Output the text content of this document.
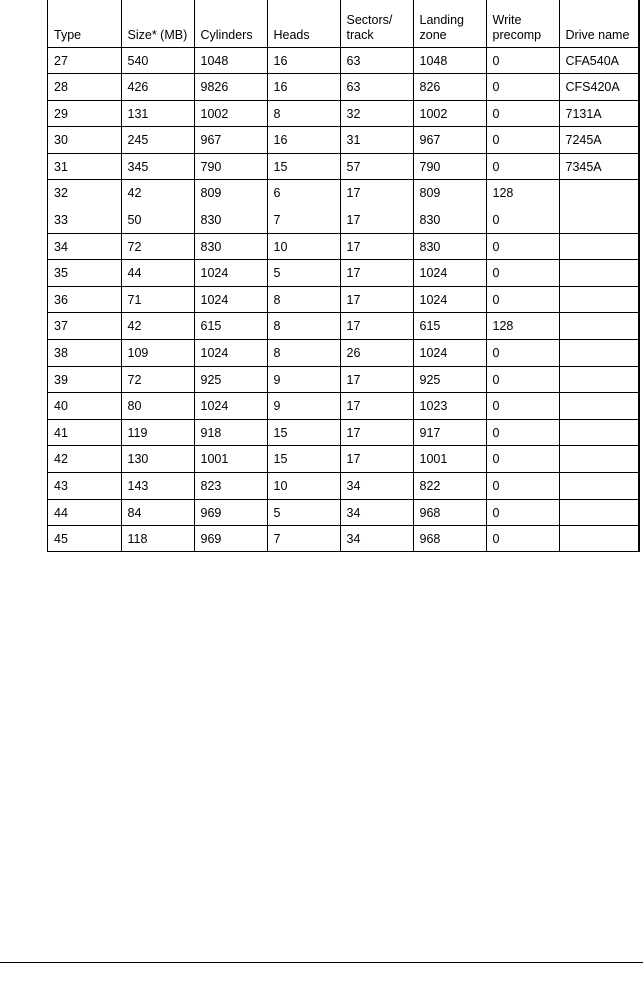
Type	Size* (MB)	Cylinders	Heads	Sectors/ track	Landing zone	Write precomp	Drive name
27	540	1048	16	63	1048	0	CFA540A
28	426	9826	16	63	826	0	CFS420A
29	131	1002	8	32	1002	0	7131A
30	245	967	16	31	967	0	7245A
31	345	790	15	57	790	0	7345A
32	42	809	6	17	809	128	
33	50	830	7	17	830	0	
34	72	830	10	17	830	0	
35	44	1024	5	17	1024	0	
36	71	1024	8	17	1024	0	
37	42	615	8	17	615	128	
38	109	1024	8	26	1024	0	
39	72	925	9	17	925	0	
40	80	1024	9	17	1023	0	
41	119	918	15	17	917	0	
42	130	1001	15	17	1001	0	
43	143	823	10	34	822	0	
44	84	969	5	34	968	0	
45	118	969	7	34	968	0	
